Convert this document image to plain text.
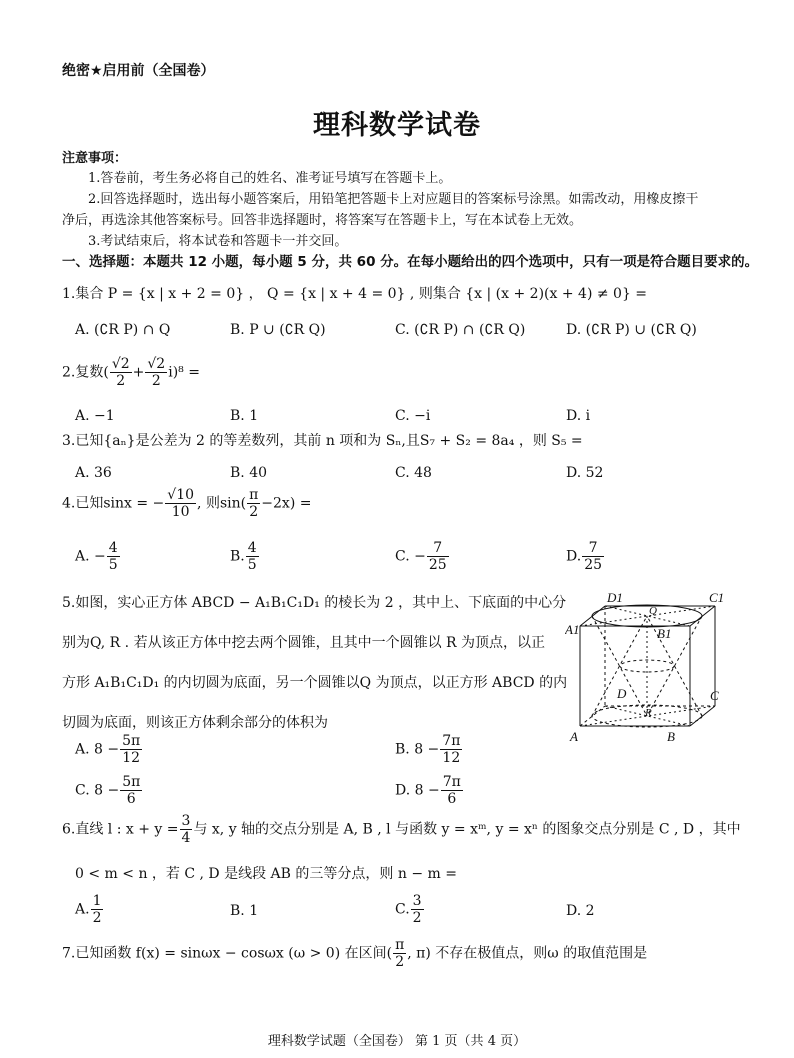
绝密★启用前（全国卷）
理科数学试卷
注意事项：
1.答卷前，考生务必将自己的姓名、准考证号填写在答题卡上。
2.回答选择题时，选出每小题答案后，用铅笔把答题卡上对应题目的答案标号涂黑。如需改动，用橡皮擦干
净后，再选涂其他答案标号。回答非选择题时，将答案写在答题卡上，写在本试卷上无效。
3.考试结束后，将本试卷和答题卡一并交回。
一、选择题：本题共 12 小题，每小题 5 分，共 60 分。在每小题给出的四个选项中，只有一项是符合题目要求的。
1.集合 P = {x | x + 2 = 0} ， Q = {x | x + 4 = 0} , 则集合 {x | (x + 2)(x + 4) ≠ 0} =
A. (∁R P) ∩ Q	B. P ∪ (∁R Q)	C. (∁R P) ∩ (∁R Q)	D. (∁R P) ∪ (∁R Q)
2.复数( $\frac{√2}{2} + \frac{√2}{2} i)^8$ =
A. −1	B. 1	C. −i	D. i
3.已知{aₙ}是公差为 2 的等差数列，其前 n 项和为 Sₙ,且S₇ + S₂ = 8a₄ ，则 S₅ =
A. 36	B. 40	C. 48	D. 52
4.已知sinx = − $\frac{√10}{10}$ , 则$\sin( \frac{\pi}{2} -2x)$ =
A. − $\frac{4}{5}$	B. $\frac{4}{5}$	C. − $\frac{7}{25}$	D. $\frac{7}{25}$
5.如图，实心正方体 ABCD − A₁B₁C₁D₁ 的棱长为 2 ，其中上、下底面的中心分
别为Q, R . 若从该正方体中挖去两个圆锥，且其中一个圆锥以 R 为顶点，以正
方形 A₁B₁C₁D₁ 的内切圆为底面，另一个圆锥以Q 为顶点，以正方形 ABCD 的内
切圆为底面，则该正方体剩余部分的体积为
A. $8 - \frac{5\pi}{12}$	B. $8 - \frac{7\pi}{12}$
C. $8 - \frac{5\pi}{6}$	D. $8 - \frac{7\pi}{6}$
D1	C1
A1	B1
Q
D	C
R
A	B
6.直线 l : $x + y = \frac{3}{4}$ 与 x, y 轴的交点分别是 A, B , l 与函数 y = xᵐ, y = xⁿ 的图象交点分别是 C , D ，其中
0 < m < n ，若 C , D 是线段 AB 的三等分点，则 n − m =
A. $\frac{1}{2}$	B. 1	C. $\frac{3}{2}$	D. 2
7.已知函数 f(x) = sinωx − cosωx (ω > 0) 在区间( $\frac{\pi}{2}$ , π) 不存在极值点，则ω 的取值范围是
理科数学试题（全国卷） 第 1 页（共 4 页）
